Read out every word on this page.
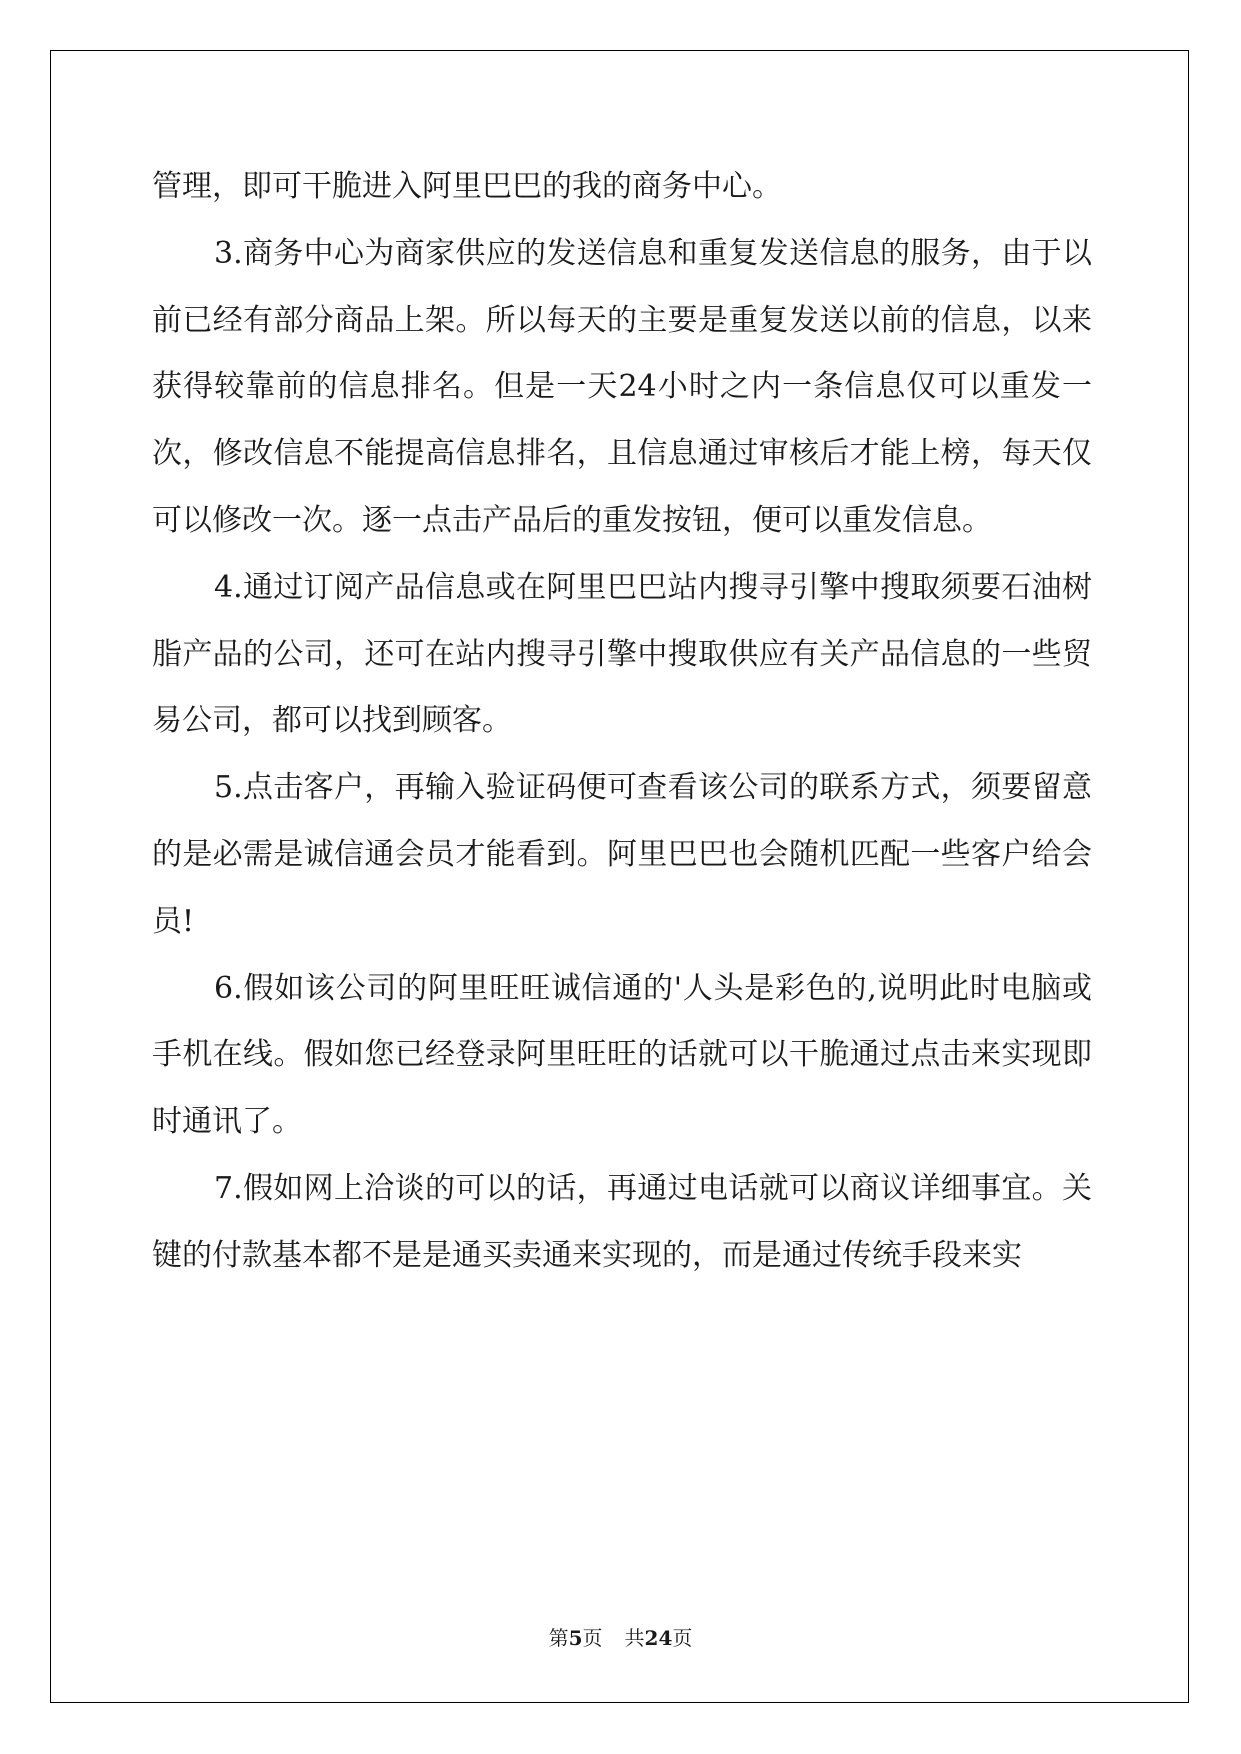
管理，即可干脆进入阿里巴巴的我的商务中心。

3.商务中心为商家供应的发送信息和重复发送信息的服务，由于以前已经有部分商品上架。所以每天的主要是重复发送以前的信息，以来获得较靠前的信息排名。但是一天24小时之内一条信息仅可以重发一次，修改信息不能提高信息排名，且信息通过审核后才能上榜，每天仅可以修改一次。逐一点击产品后的重发按钮，便可以重发信息。

4.通过订阅产品信息或在阿里巴巴站内搜寻引擎中搜取须要石油树脂产品的公司，还可在站内搜寻引擎中搜取供应有关产品信息的一些贸易公司，都可以找到顾客。

5.点击客户，再输入验证码便可查看该公司的联系方式，须要留意的是必需是诚信通会员才能看到。阿里巴巴也会随机匹配一些客户给会员!

6.假如该公司的阿里旺旺诚信通的'人头是彩色的,说明此时电脑或手机在线。假如您已经登录阿里旺旺的话就可以干脆通过点击来实现即时通讯了。

7.假如网上洽谈的可以的话，再通过电话就可以商议详细事宜。关键的付款基本都不是是通买卖通来实现的，而是通过传统手段来实

第5页 共24页
